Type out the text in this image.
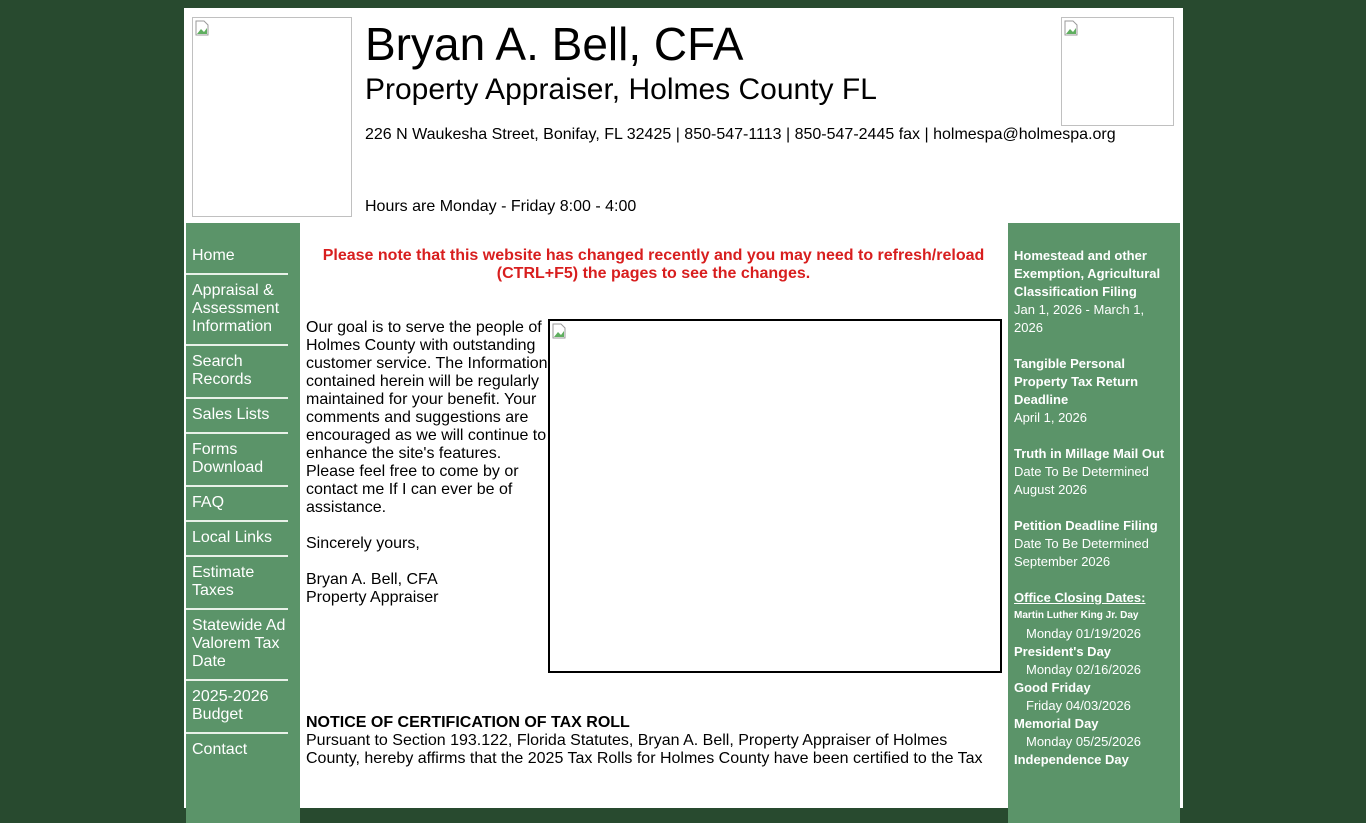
Bryan A. Bell, CFA
Property Appraiser, Holmes County FL
226 N Waukesha Street, Bonifay, FL 32425 | 850-547-1113 | 850-547-2445 fax | holmespa@holmespa.org
Hours are Monday - Friday 8:00 - 4:00
Home
Appraisal & Assessment Information
Search Records
Sales Lists
Forms Download
FAQ
Local Links
Estimate Taxes
Statewide Ad Valorem Tax Date
2025-2026 Budget
Contact
Please note that this website has changed recently and you may need to refresh/reload (CTRL+F5) the pages to see the changes.

Our goal is to serve the people of Holmes County with outstanding customer service. The Information contained herein will be regularly maintained for your benefit. Your comments and suggestions are encouraged as we will continue to enhance the site's features. Please feel free to come by or contact me If I can ever be of assistance.

Sincerely yours,

Bryan A. Bell, CFA
Property Appraiser
NOTICE OF CERTIFICATION OF TAX ROLL
Pursuant to Section 193.122, Florida Statutes, Bryan A. Bell, Property Appraiser of Holmes County, hereby affirms that the 2025 Tax Rolls for Holmes County have been certified to the Tax
Homestead and other Exemption, Agricultural Classification Filing
Jan 1, 2026 - March 1, 2026
Tangible Personal Property Tax Return Deadline
April 1, 2026
Truth in Millage Mail Out
Date To Be Determined
August 2026
Petition Deadline Filing
Date To Be Determined
September 2026
Office Closing Dates:
Martin Luther King Jr. Day
Monday 01/19/2026
President's Day
Monday 02/16/2026
Good Friday
Friday 04/03/2026
Memorial Day
Monday 05/25/2026
Independence Day
